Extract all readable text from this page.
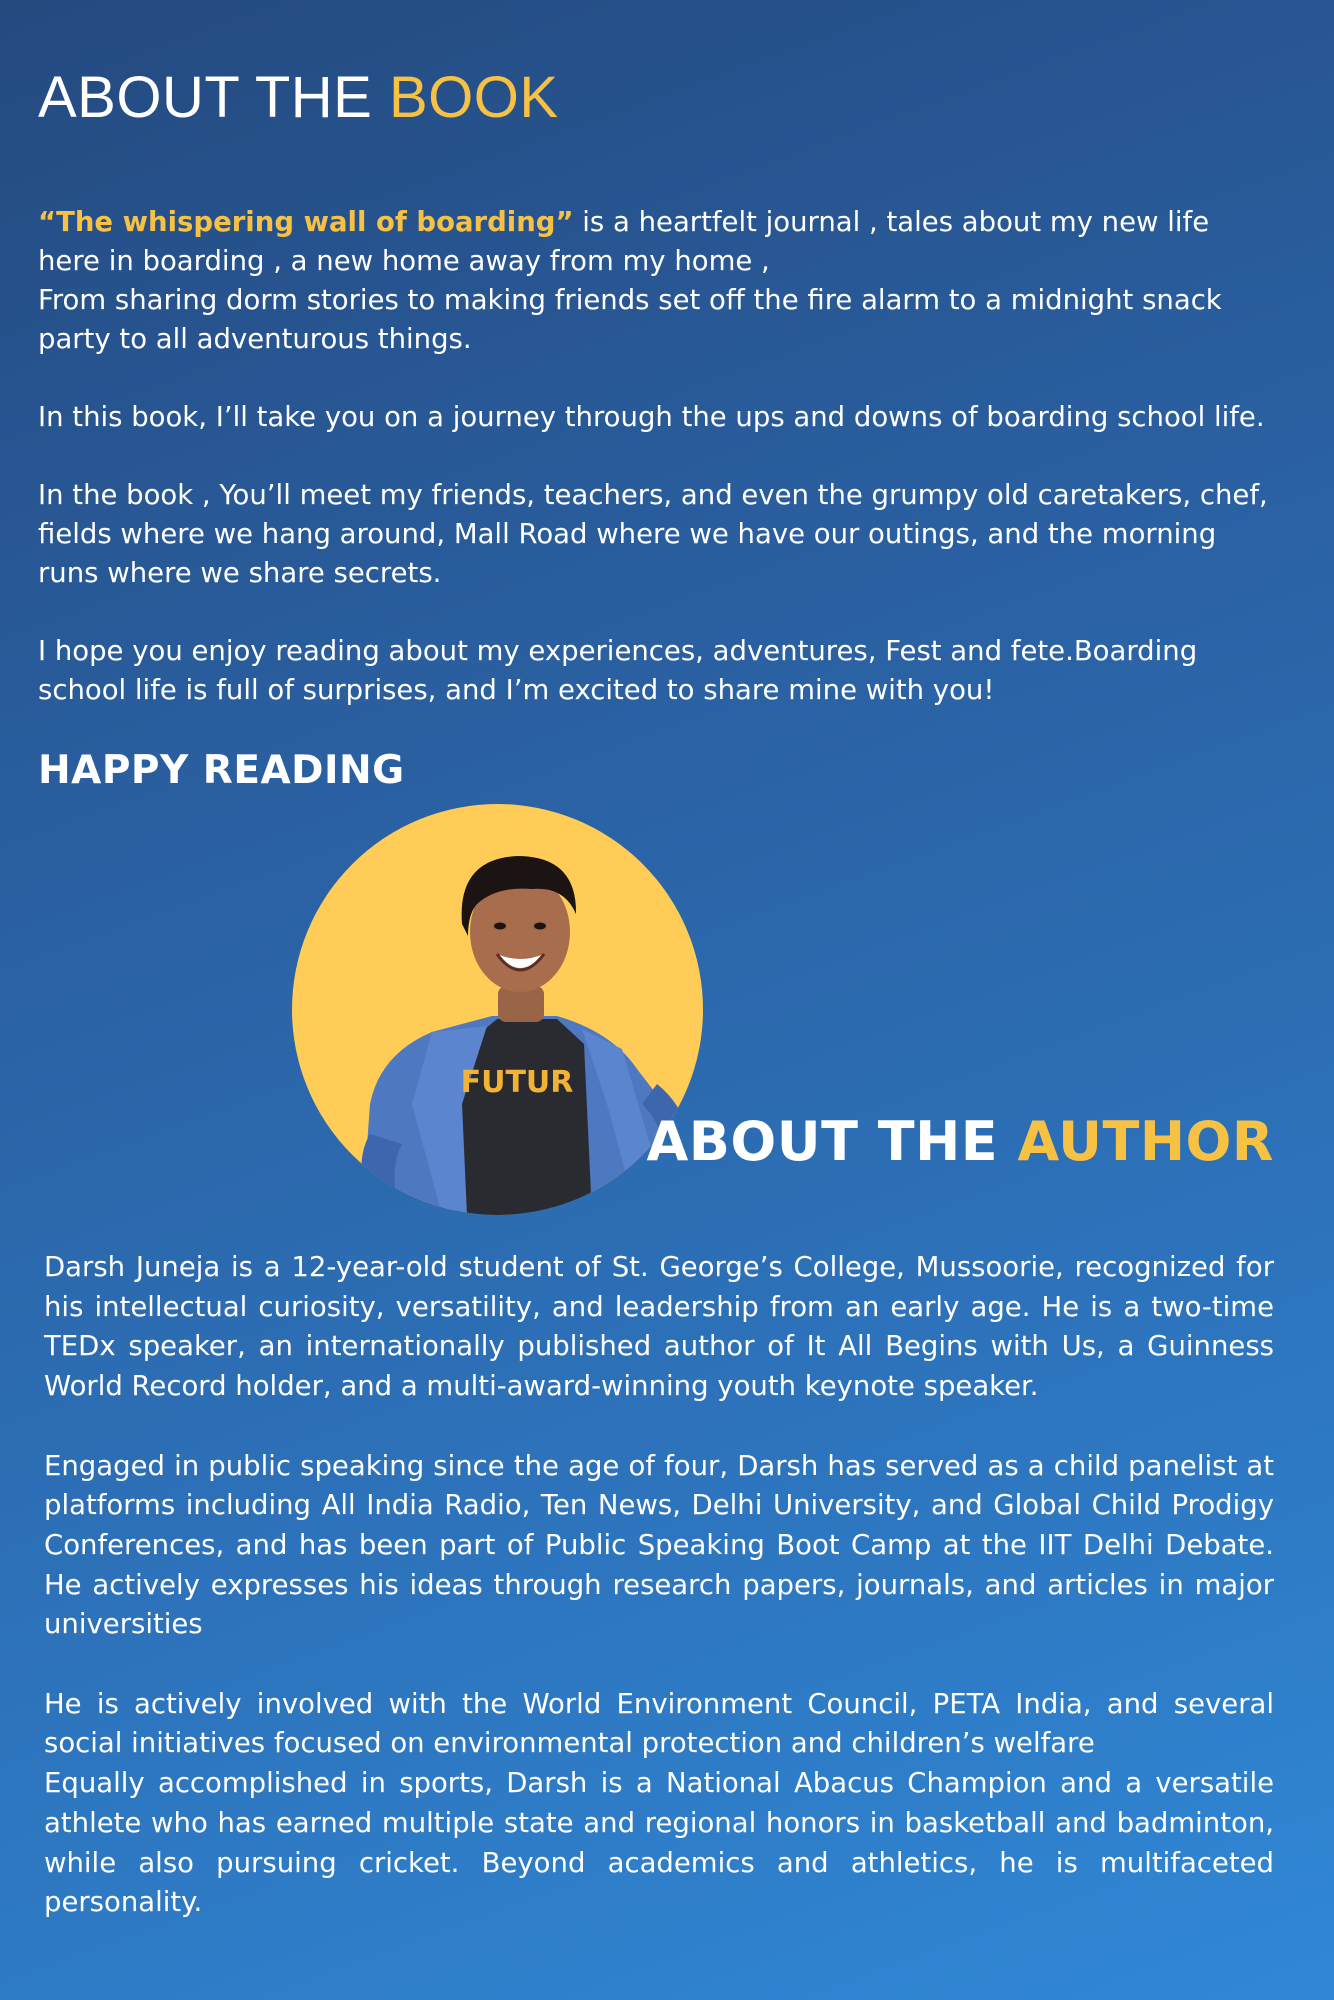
ABOUT THE BOOK

“The whispering wall of boarding” is a heartfelt journal , tales about my new life here in boarding , a new home away from my home ,

From sharing dorm stories to making friends set off the fire alarm to a midnight snack party to all adventurous things.

In this book, I’ll take you on a journey through the ups and downs of boarding school life.

In the book , You’ll meet my friends, teachers, and even the grumpy old caretakers, chef, fields where we hang around, Mall Road where we have our outings, and the morning runs where we share secrets.

I hope you enjoy reading about my experiences, adventures, Fest and fete.Boarding school life is full of surprises, and I’m excited to share mine with you!

HAPPY READING
FUTUR
ABOUT THE AUTHOR

Darsh Juneja is a 12-year-old student of St. George’s College, Mussoorie, recognized for his intellectual curiosity, versatility, and leadership from an early age. He is a two-time TEDx speaker, an internationally published author of It All Begins with Us, a Guinness World Record holder, and a multi-award-winning youth keynote speaker.

Engaged in public speaking since the age of four, Darsh has served as a child panelist at platforms including All India Radio, Ten News, Delhi University, and Global Child Prodigy Conferences, and has been part of Public Speaking Boot Camp at the IIT Delhi Debate. He actively expresses his ideas through research papers, journals, and articles in major universities

He is actively involved with the World Environment Council, PETA India, and several social initiatives focused on environmental protection and children’s welfare

Equally accomplished in sports, Darsh is a National Abacus Champion and a versatile athlete who has earned multiple state and regional honors in basketball and badminton, while also pursuing cricket. Beyond academics and athletics, he is multifaceted personality.
